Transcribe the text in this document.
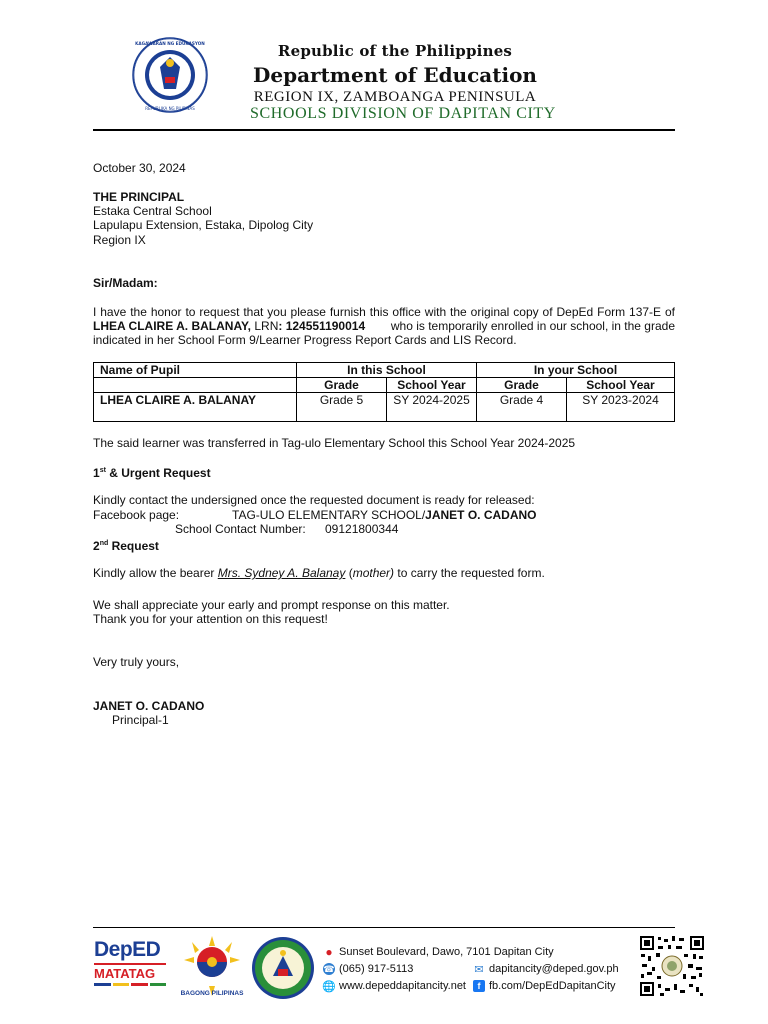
REPUBLIKA NG PILIPINAS
KAGAWARAN NG EDUKASYON	Republic of the Philippines
Department of Education
REGION IX, ZAMBOANGA PENINSULA
SCHOOLS DIVISION OF DAPITAN CITY
October 30, 2024
THE PRINCIPAL
Estaka Central School
Lapulapu Extension, Estaka, Dipolog City
Region IX
Sir/Madam:
I have the honor to request that you please furnish this office with the original copy of DepEd Form 137-E of
LHEA CLAIRE A. BALANAY, LRN: 124551190014 who is temporarily enrolled in our school, in the grade
indicated in her School Form 9/Learner Progress Report Cards and LIS Record.
Name of Pupil	In this School		In your School	
	Grade	School Year	Grade	School Year
LHEA CLAIRE A. BALANAY	Grade 5	SY 2024-2025	Grade 4	SY 2023-2024
The said learner was transferred in Tag-ulo Elementary School this School Year 2024-2025
1st & Urgent Request
Kindly contact the undersigned once the requested document is ready for released:
Facebook page:	TAG-ULO ELEMENTARY SCHOOL/JANET O. CADANO
School Contact Number: 09121800344
2nd Request
Kindly allow the bearer Mrs. Sydney A. Balanay (mother) to carry the requested form.
We shall appreciate your early and prompt response on this matter.
Thank you for your attention on this request!
Very truly yours,
JANET O. CADANO
Principal-1
DepED
MATATAG
BAGONG PILIPINAS
● Sunset Boulevard, Dawo, 7101 Dapitan City
☎ (065) 917-5113	✉ dapitancity@deped.gov.ph
🌐 www.depeddapitancity.net	f fb.com/DepEdDapitanCity
